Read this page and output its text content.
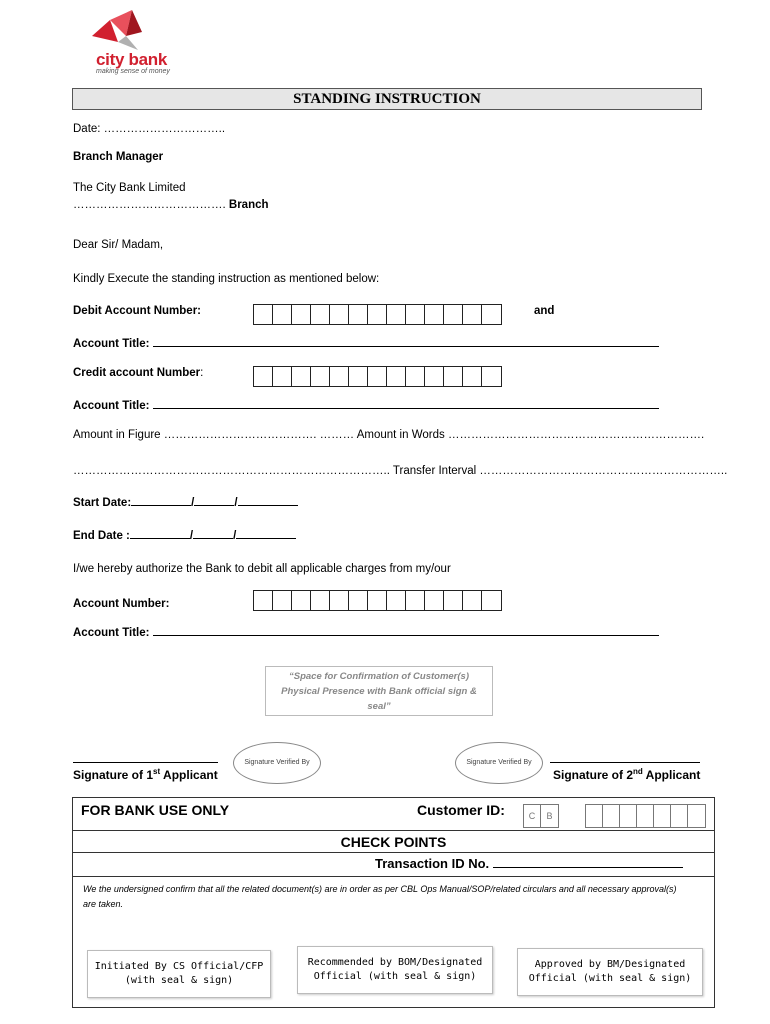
city bank
making sense of money
STANDING INSTRUCTION
Date: …………………………..
Branch Manager
The City Bank Limited
…………………………………. Branch
Dear Sir/ Madam,
Kindly Execute the standing instruction as mentioned below:
Debit Account Number:	and
Account Title:
Credit account Number:
Account Title:
Amount in Figure …………………………………. ……… Amount in Words ………………………………………………………….
……………………………………………………………………….. Transfer Interval ………………………………………………………..
Start Date:	/	/
End Date :	/	/
I/we hereby authorize the Bank to debit all applicable charges from my/our
Account Number:
Account Title:
“Space for Confirmation of Customer(s) Physical Presence with Bank official sign & seal”
Signature of 1st Applicant
Signature Verified By	Signature Verified By
Signature of 2nd Applicant
FOR BANK USE ONLY	Customer ID:	C	B
CHECK POINTS
Transaction ID No.
We the undersigned confirm that all the related document(s) are in order as per CBL Ops Manual/SOP/related circulars and all necessary approval(s) are taken.
Initiated By CS Official/CFP (with seal & sign)
Recommended by BOM/Designated Official (with seal & sign)
Approved by BM/Designated Official (with seal & sign)
